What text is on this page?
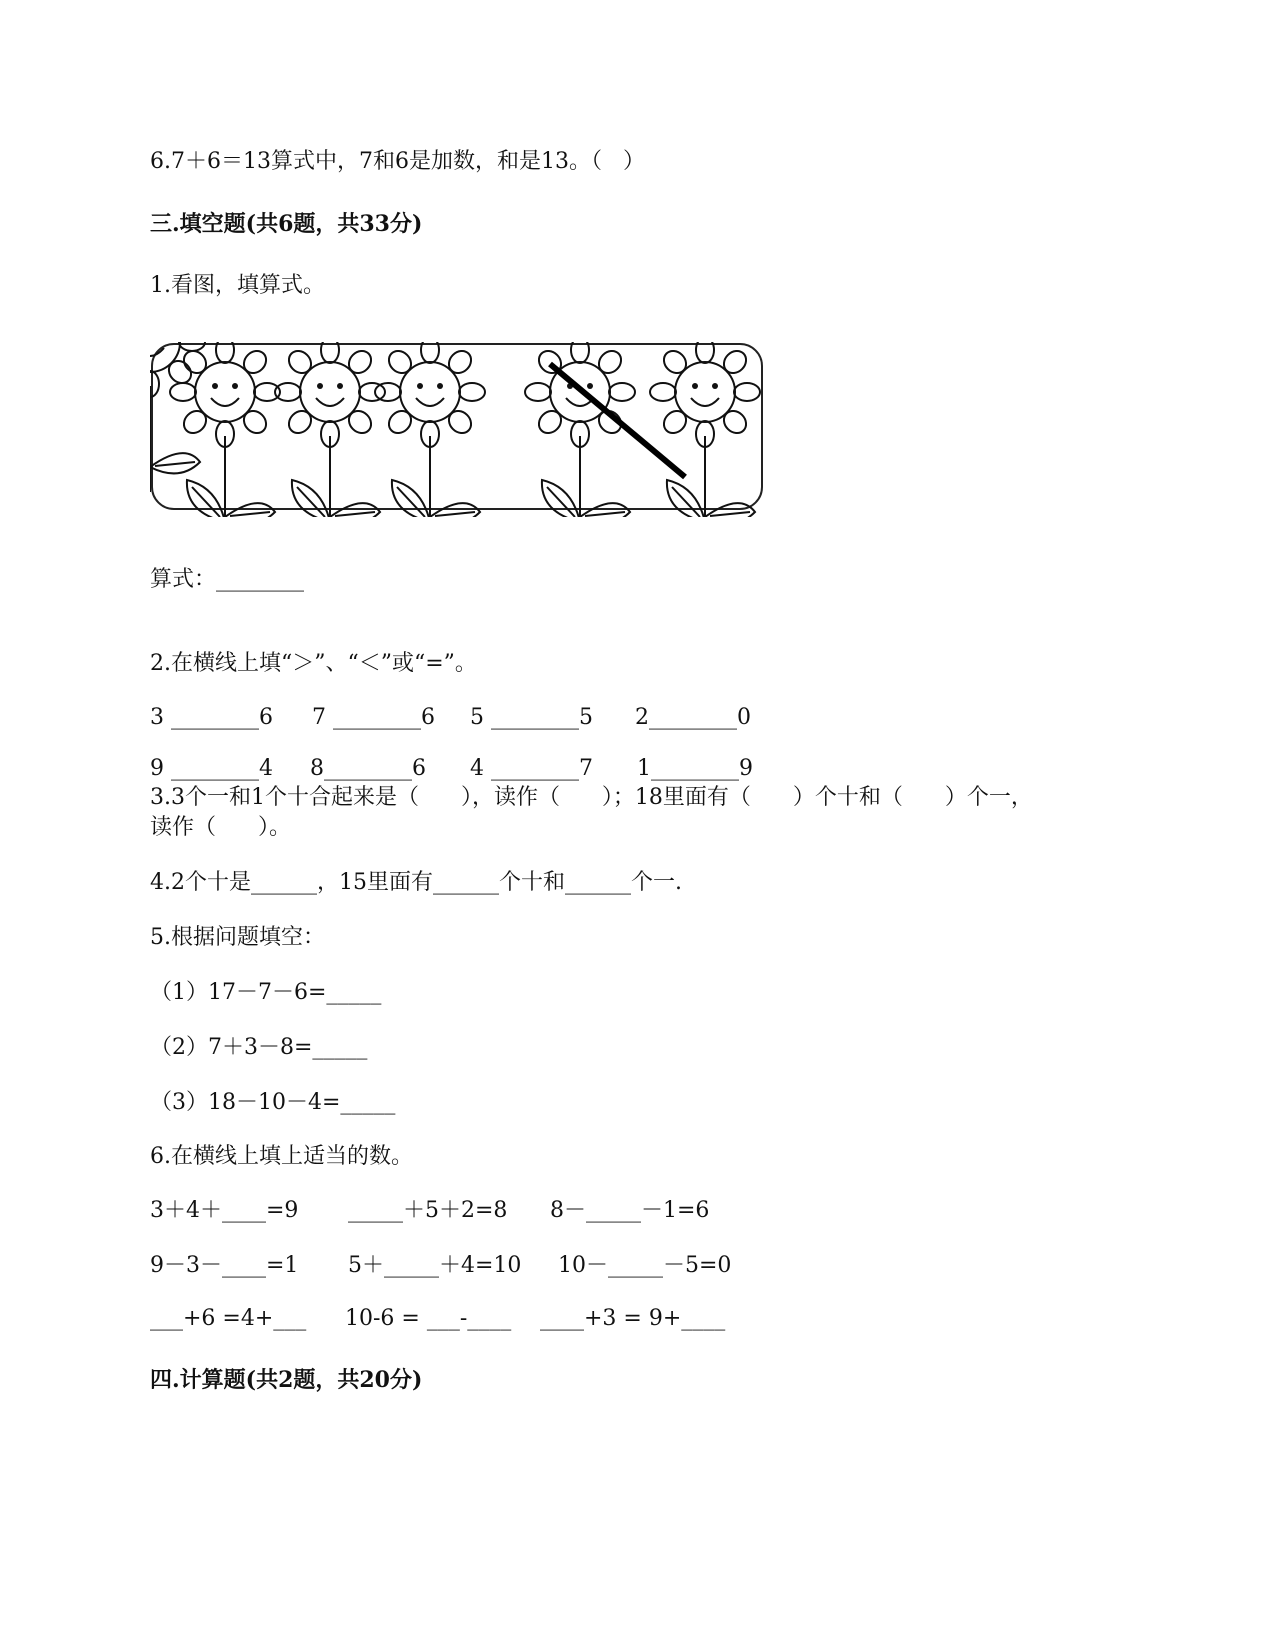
6.7＋6＝13算式中，7和6是加数，和是13。（   ）
三.填空题(共6题，共33分)
1.看图，填算式。
算式：________
2.在横线上填“＞”、“＜”或“=”。

3 ________6

7 ________6

5 ________5

2________0

9 ________4

8________6

4 ________7

1________9

3.3个一和1个十合起来是（      ），读作（      ）；18里面有（      ）个十和（      ）个一，
读作（      ）。
4.2个十是______，15里面有______个十和______个一.
5.根据问题填空：
（1）17－7－6=_____
（2）7＋3－8=_____
（3）18－10－4=_____
6.在横线上填上适当的数。

3＋4＋____=9

_____＋5＋2=8

8－_____－1=6

9－3－____=1

5＋_____＋4=10

10－_____－5=0

___+6 =4+___

10-6 = ___-____

____+3 = 9+____

四.计算题(共2题，共20分)
